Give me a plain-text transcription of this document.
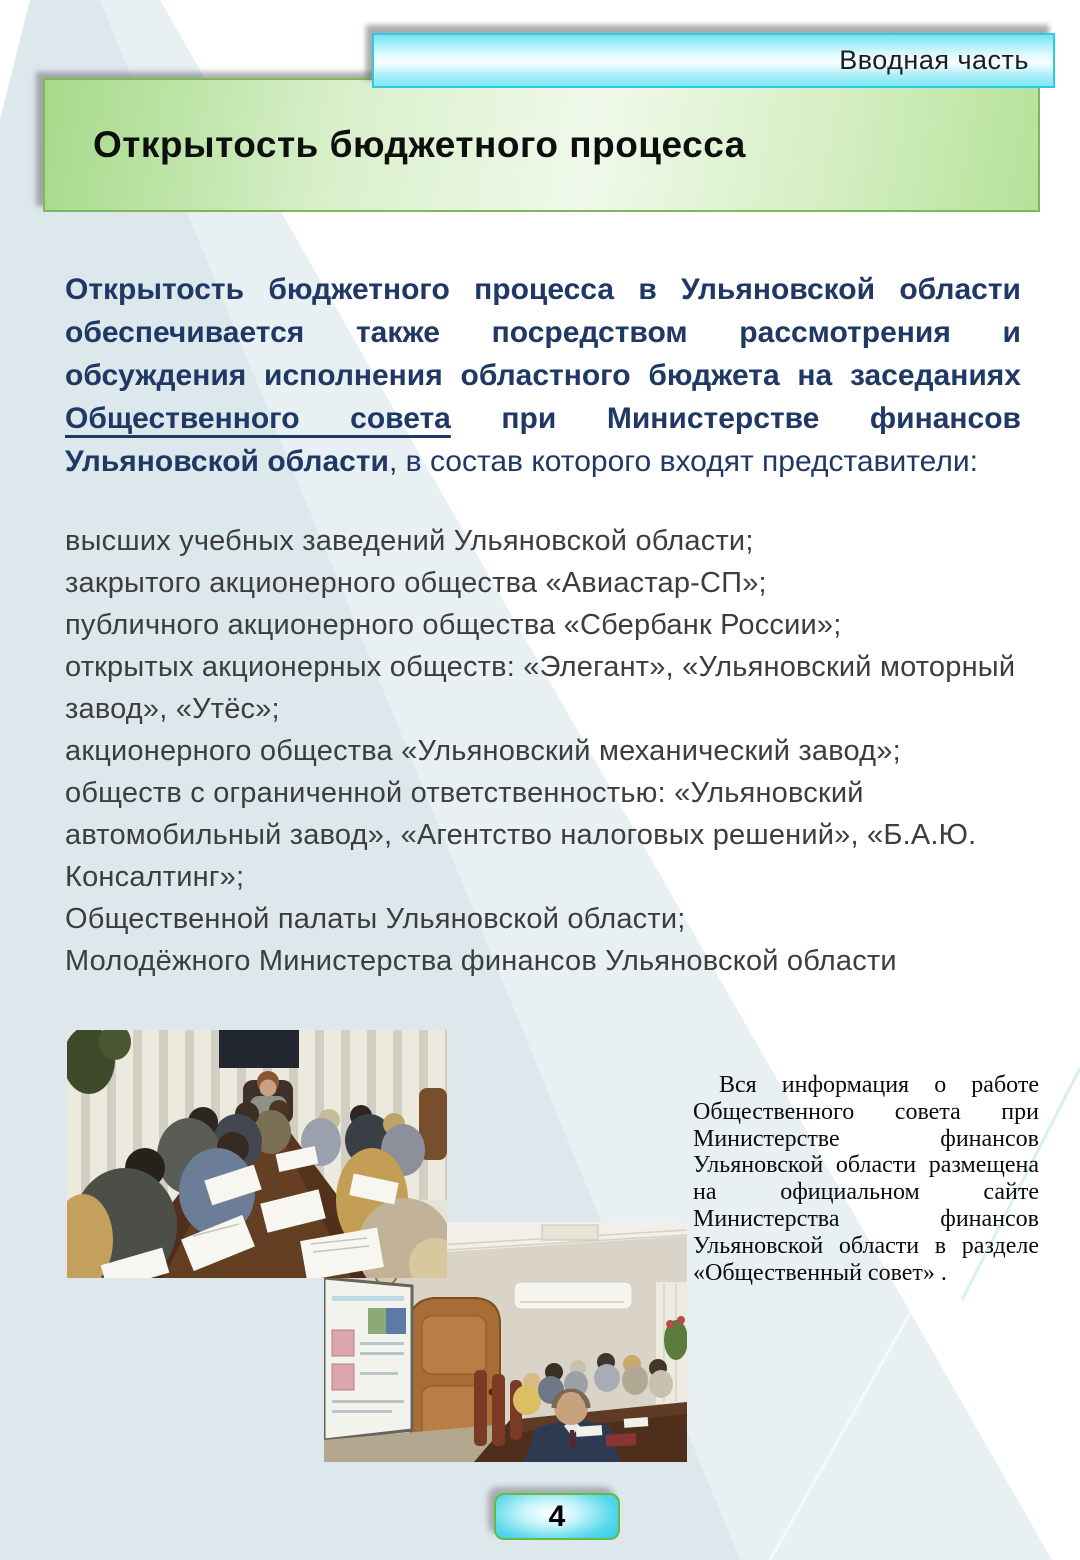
Вводная часть
Открытость бюджетного процесса

Открытость бюджетного процесса в Ульяновской области обеспечивается также посредством рассмотрения и обсуждения исполнения областного бюджета на заседаниях Общественного совета при Министерстве финансов Ульяновской области, в состав которого входят представители:

высших учебных заведений Ульяновской области;

закрытого акционерного общества «Авиастар-СП»;

публичного акционерного общества «Сбербанк России»;

открытых акционерных обществ: «Элегант», «Ульяновский моторный завод», «Утёс»;

акционерного общества «Ульяновский механический завод»;

обществ с ограниченной ответственностью: «Ульяновский автомобильный завод», «Агентство налоговых решений», «Б.А.Ю. Консалтинг»;

Общественной палаты Ульяновской области;

Молодёжного Министерства финансов Ульяновской области

Вся информация о работе Общественного совета при Министерстве финансов Ульяновской области размещена на официальном сайте Министерства финансов Ульяновской области в разделе «Общественный совет» .

4
